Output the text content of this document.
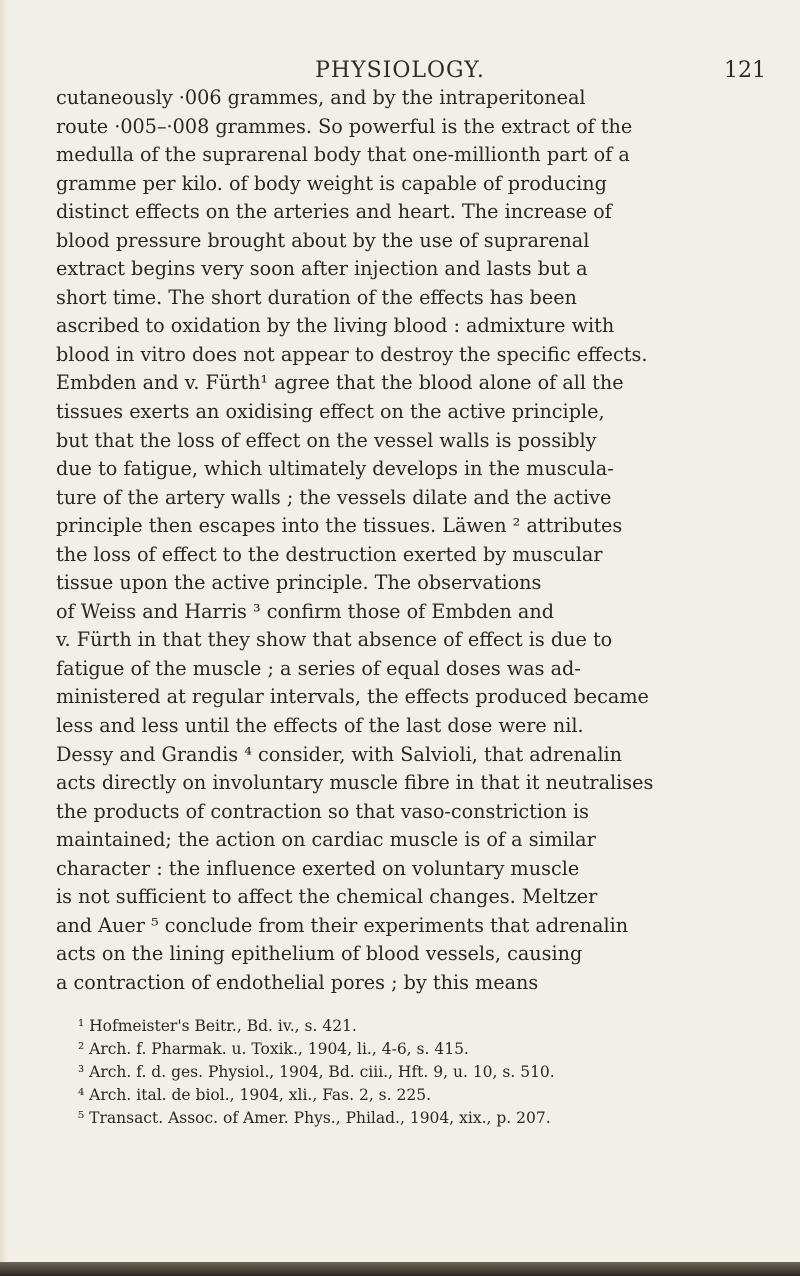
PHYSIOLOGY.	121
cutaneously ·006 grammes, and by the intraperitoneal
route ·005–·008 grammes. So powerful is the extract of the
medulla of the suprarenal body that one-millionth part of a
gramme per kilo. of body weight is capable of producing
distinct effects on the arteries and heart. The increase of
blood pressure brought about by the use of suprarenal
extract begins very soon after injection and lasts but a
short time. The short duration of the effects has been
ascribed to oxidation by the living blood : admixture with
blood in vitro does not appear to destroy the specific effects.
Embden and v. Fürth¹ agree that the blood alone of all the
tissues exerts an oxidising effect on the active principle,
but that the loss of effect on the vessel walls is possibly
due to fatigue, which ultimately develops in the muscula-
ture of the artery walls ; the vessels dilate and the active
principle then escapes into the tissues. Läwen ² attributes
the loss of effect to the destruction exerted by muscular
tissue upon the active principle. The observations
of Weiss and Harris ³ confirm those of Embden and
v. Fürth in that they show that absence of effect is due to
fatigue of the muscle ; a series of equal doses was ad-
ministered at regular intervals, the effects produced became
less and less until the effects of the last dose were nil.
Dessy and Grandis ⁴ consider, with Salvioli, that adrenalin
acts directly on involuntary muscle fibre in that it neutralises
the products of contraction so that vaso-constriction is
maintained; the action on cardiac muscle is of a similar
character : the influence exerted on voluntary muscle
is not sufficient to affect the chemical changes. Meltzer
and Auer ⁵ conclude from their experiments that adrenalin
acts on the lining epithelium of blood vessels, causing
a contraction of endothelial pores ; by this means
¹ Hofmeister's Beitr., Bd. iv., s. 421.
² Arch. f. Pharmak. u. Toxik., 1904, li., 4-6, s. 415.
³ Arch. f. d. ges. Physiol., 1904, Bd. ciii., Hft. 9, u. 10, s. 510.
⁴ Arch. ital. de biol., 1904, xli., Fas. 2, s. 225.
⁵ Transact. Assoc. of Amer. Phys., Philad., 1904, xix., p. 207.
